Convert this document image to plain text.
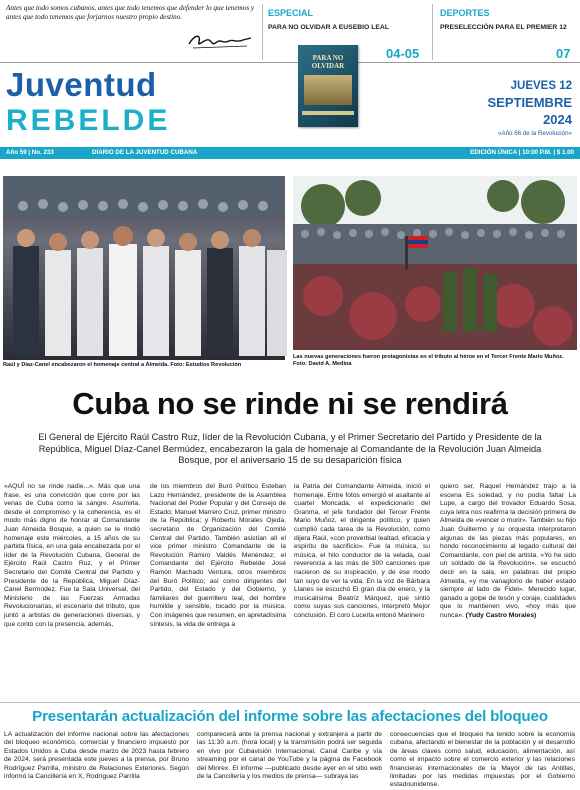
Antes que todo somos cubanos, antes que todo tenemos que defender lo que tenemos y antes que todo tenemos que forjarnos nuestro propio destino.	ESPECIAL
PARA NO OLVIDAR A EUSEBIO LEAL
04-05
DEPORTES
PRESELECCIÓN PARA EL PREMIER 12
07
PARA NO OLVIDAR
Juventud
REBELDE
JUEVES 12
SEPTIEMBRE
2024
«Año 66 de la Revolución»
Año 59 | No. 233	DIARIO DE LA JUVENTUD CUBANA	EDICIÓN ÚNICA | 10:00 P.M. | $ 1.00
Raúl y Díaz-Canel encabezaron el homenaje central a Almeida. Foto: Estudios Revolución
Las nuevas generaciones fueron protagonistas en el tributo al héroe en el Tercer Frente Mario Muñoz. Foto: David A. Medina
Cuba no se rinde ni se rendirá
El General de Ejército Raúl Castro Ruz, líder de la Revolución Cubana, y el Primer Secretario del Partido y Presidente de la República, Miguel Díaz-Canel Bermúdez, encabezaron la gala de homenaje al Comandante de la Revolución Juan Almeida Bosque, por el aniversario 15 de su desaparición física
«AQUÍ no se rinde nadie...». Más que una frase, es una convicción que corre por las venas de Cuba como la sangre. Asumirla, desde el compromiso y la coherencia, es el modo más digno de honrar al Comandante Juan Almeida Bosque, a quien se le rindió homenaje este miércoles, a 15 años de su partida física, en una gala encabezada por el líder de la Revolución Cubana, General de Ejército Raúl Castro Ruz, y el Primer Secretario del Comité Central del Partido y Presidente de la República, Miguel Díaz-Canel Bermúdez. Fue la Sala Universal, del Ministerio de las Fuerzas Armadas Revolucionarias, el escenario del tributo, que juntó a artistas de generaciones diversas, y que contó con la presencia, además,
de los miembros del Buró Político Esteban Lazo Hernández, presidente de la Asamblea Nacional del Poder Popular y del Consejo de Estado; Manuel Marrero Cruz, primer ministro de la República; y Roberto Morales Ojeda, secretario de Organización del Comité Central del Partido. También asistían all el vice primer ministro Comandante de la Revolución Ramiro Valdés Menéndez; el Comandante del Ejército Rebelde José Ramón Machado Ventura, otros miembros del Buró Político; así como dirigentes del Partido, del Estado y del Gobierno, y familiares del guerrillero leal, del hombre humilde y sensible, tocado por la música. Con imágenes que resumen, en apretadísima síntesis, la vida de entrega a
la Patria del Comandante Almeida, inició el homenaje. Entre fotos emergió el asaltante al cuartel Moncada, el expedicionario del Granma, el jefe fundador del Tercer Frente Mario Muñoz, el dirigente político, y quien cumplió cada tarea de la Revolución, como dijera Raúl, «con proverbial lealtad, eficacia y espíritu de sacrificio». Fue la música, su música, el hilo conductor de la velada, cual reverencia a las más de 300 canciones que nacieron de su inspiración, y de ese modo tan suyo de ver la vida. En la voz de Bárbara Llanes se escuchó El gran día de enero, y la musicalísima Beatriz Márquez, que sintió como suyas sus canciones, interpretó Mejor conclusión. El coro Luceíta entonó Marinero
quiero ser, Raquel Hernández trajo a la escena Es soledad, y no podía faltar La Lupe, a cargo del trovador Eduardo Sosa, cuya letra nos reafirma la decisión primera de Almeida de «vencer o morir». También su hijo Juan Guillermo y su orquesta interpretaron algunas de las piezas más populares, en hondo reconocimiento al legado cultural del Comandante, con piel de artista. «Yo he sido un soldado de la Revolución», se escuchó decir en la sala, en palabras del propio Almeida, «y me vanaglorio de haber estado siempre al lado de Fidel». Merecido lugar, ganado a golpe de tesón y coraje, cualidades que lo mantienen vivo, «hoy más que nunca». (Yudy Castro Morales)
Presentarán actualización del informe sobre las afectaciones del bloqueo
LA actualización del informe nacional sobre las afectaciones del bloqueo económico, comercial y financiero impuesto por Estados Unidos a Cuba desde marzo de 2023 hasta febrero de 2024, será presentada este jueves a la prensa, por Bruno Rodríguez Parrilla, ministro de Relaciones Exteriores. Según informó la Cancillería en X, Rodríguez Parrilla
comparecerá ante la prensa nacional y extranjera a partir de las 11:30 a.m. (hora local) y la transmisión podrá ser seguida en vivo por Cubavisión Internacional, Canal Caribe y vía streaming por el canal de YouTube y la página de Facebook del Minrex. El informe —publicado desde ayer en el sitio web de la Cancillería y los medios de prensa— subraya las
consecuencias que el bloqueo ha tenido sobre la economía cubana, afectando el bienestar de la población y el desarrollo de áreas claves como salud, educación, alimentación, así como el impacto sobre el comercio exterior y las relaciones financieras internacionales de la Mayor de las Antillas, limitadas por las medidas impuestas por el Gobierno estadounidense.
